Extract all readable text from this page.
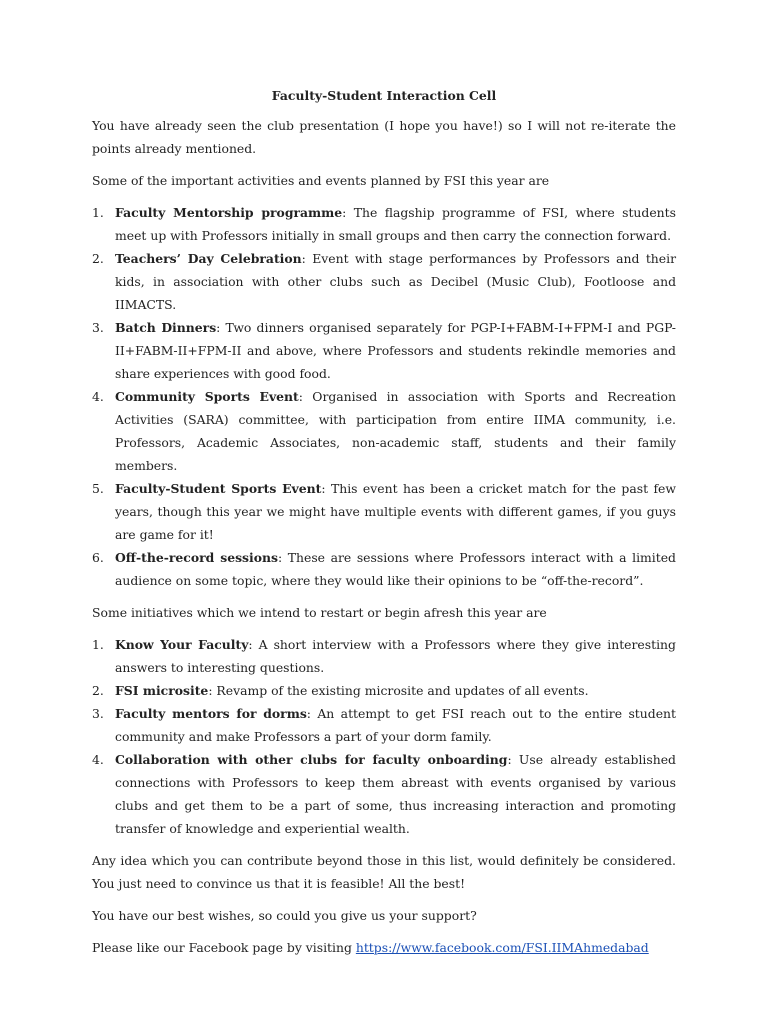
Faculty-Student Interaction Cell

You have already seen the club presentation (I hope you have!) so I will not re-iterate the points already mentioned.

Some of the important activities and events planned by FSI this year are

1. Faculty Mentorship programme: The flagship programme of FSI, where students meet up with Professors initially in small groups and then carry the connection forward.
2. Teachers’ Day Celebration: Event with stage performances by Professors and their kids, in association with other clubs such as Decibel (Music Club), Footloose and IIMACTS.
3. Batch Dinners: Two dinners organised separately for PGP-I+FABM-I+FPM-I and PGP-II+FABM-II+FPM-II and above, where Professors and students rekindle memories and share experiences with good food.
4. Community Sports Event: Organised in association with Sports and Recreation Activities (SARA) committee, with participation from entire IIMA community, i.e. Professors, Academic Associates, non-academic staff, students and their family members.
5. Faculty-Student Sports Event: This event has been a cricket match for the past few years, though this year we might have multiple events with different games, if you guys are game for it!
6. Off-the-record sessions: These are sessions where Professors interact with a limited audience on some topic, where they would like their opinions to be “off-the-record”.

Some initiatives which we intend to restart or begin afresh this year are

1. Know Your Faculty: A short interview with a Professors where they give interesting answers to interesting questions.
2. FSI microsite: Revamp of the existing microsite and updates of all events.
3. Faculty mentors for dorms: An attempt to get FSI reach out to the entire student community and make Professors a part of your dorm family.
4. Collaboration with other clubs for faculty onboarding: Use already established connections with Professors to keep them abreast with events organised by various clubs and get them to be a part of some, thus increasing interaction and promoting transfer of knowledge and experiential wealth.

Any idea which you can contribute beyond those in this list, would definitely be considered. You just need to convince us that it is feasible! All the best!

You have our best wishes, so could you give us your support?

Please like our Facebook page by visiting https://www.facebook.com/FSI.IIMAhmedabad
